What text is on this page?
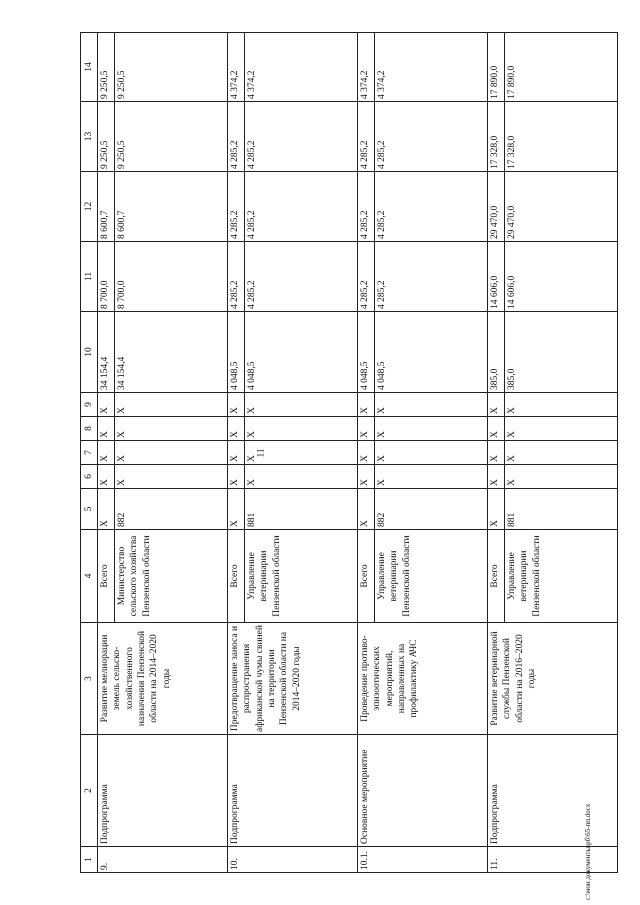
11
c:\мои документы\рб\65-пп.docx
1	2	3	4	5	6	7	8	9	10	11	12	13	14
9.	Подпрограмма	Развитие мелиорации земель сельско-хозяйственного назначения Пензенской области на 2014–2020 годы	Всего	X	X	X	X	X	34 154,4	8 700,0	8 600,7	9 250,5	9 250,5
			Министерство сельского хозяйства Пензенской области	882	X	X	X	X	34 154,4	8 700,0	8 600,7	9 250,5	9 250,5
10.	Подпрограмма	Предотвращение заноса и распространения африканской чумы свиней на территории Пензенской области на 2014–2020 годы	Всего	X	X	X	X	X	4 048,5	4 285,2	4 285,2	4 285,2	4 374,2
			Управление ветеринарии Пензенской области	881	X	X	X	X	4 048,5	4 285,2	4 285,2	4 285,2	4 374,2
10.1.	Основное мероприятие	Проведение противо-эпизоотических мероприятий, направленных на профилактику АЧС	Всего	X	X	X	X	X	4 048,5	4 285,2	4 285,2	4 285,2	4 374,2
			Управление ветеринарии Пензенской области	882	X	X	X	X	4 048,5	4 285,2	4 285,2	4 285,2	4 374,2
11.	Подпрограмма	Развитие ветеринарной службы Пензенской области на 2016–2020 годы	Всего	X	X	X	X	X	385,0	14 606,0	29 470,0	17 328,0	17 890,0
			Управление ветеринарии Пензенской области	881	X	X	X	X	385,0	14 606,0	29 470,0	17 328,0	17 890,0
